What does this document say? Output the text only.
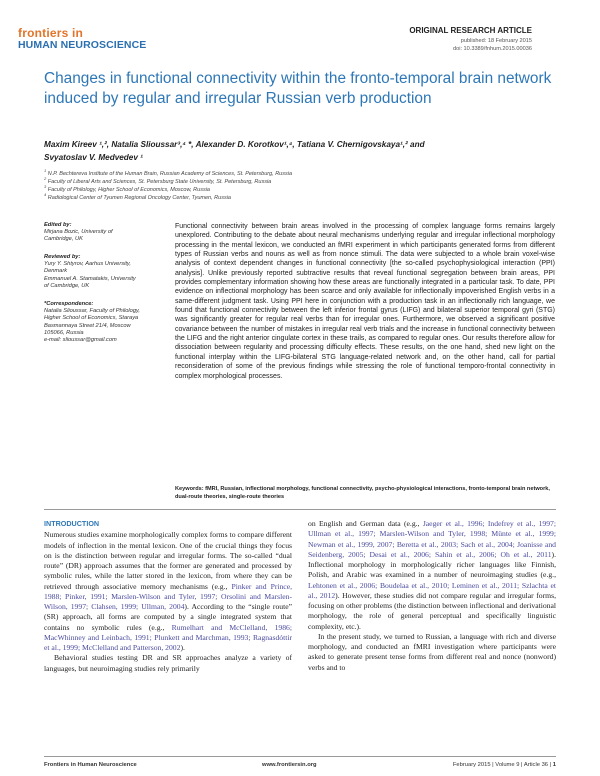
frontiers in
HUMAN NEUROSCIENCE
ORIGINAL RESEARCH ARTICLE
published: 18 February 2015
doi: 10.3389/fnhum.2015.00036
Changes in functional connectivity within the fronto-temporal brain network induced by regular and irregular Russian verb production
Maxim Kireev ¹,², Natalia Slioussar³,⁴ *, Alexander D. Korotkov¹,⁴, Tatiana V. Chernigovskaya¹,² and
Svyatoslav V. Medvedev ¹
$^1$ N.P. Bechtereva Institute of the Human Brain, Russian Academy of Sciences, St. Petersburg, Russia
$^2$ Faculty of Liberal Arts and Sciences, St. Petersburg State University, St. Petersburg, Russia
$^3$ Faculty of Philology, Higher School of Economics, Moscow, Russia
$^4$ Radiological Center of Tyumen Regional Oncology Center, Tyumen, Russia
Edited by:
Mirjana Bozic, University of
Cambridge, UK
Reviewed by:
Yury Y. Shtyrov, Aarhus University,
Denmark
Emmanuel A. Stamatakis, University
of Cambridge, UK
*Correspondence:
Natalia Slioussar, Faculty of Philology,
Higher School of Economics, Staraya
Basmannaya Street 21/4, Moscow
105066, Russia
e-mail: slioussar@gmail.com
Functional connectivity between brain areas involved in the processing of complex language forms remains largely unexplored. Contributing to the debate about neural mechanisms underlying regular and irregular inflectional morphology processing in the mental lexicon, we conducted an fMRI experiment in which participants generated forms from different types of Russian verbs and nouns as well as from nonce stimuli. The data were subjected to a whole brain voxel-wise analysis of context dependent changes in functional connectivity [the so-called psychophysiological interaction (PPI) analysis]. Unlike previously reported subtractive results that reveal functional segregation between brain areas, PPI provides complementary information showing how these areas are functionally integrated in a particular task. To date, PPI evidence on inflectional morphology has been scarce and only available for inflectionally impoverished English verbs in a same-different judgment task. Using PPI here in conjunction with a production task in an inflectionally rich language, we found that functional connectivity between the left inferior frontal gyrus (LIFG) and bilateral superior temporal gyri (STG) was significantly greater for regular real verbs than for irregular ones. Furthermore, we observed a significant positive covariance between the number of mistakes in irregular real verb trials and the increase in functional connectivity between the LIFG and the right anterior cingulate cortex in these trails, as compared to regular ones. Our results therefore allow for dissociation between regularity and processing difficulty effects. These results, on the one hand, shed new light on the functional interplay within the LIFG-bilateral STG language-related network and, on the other hand, call for partial reconsideration of some of the previous findings while stressing the role of functional temporo-frontal connectivity in complex morphological processes.
Keywords: fMRI, Russian, inflectional morphology, functional connectivity, psycho-physiological interactions, fronto-temporal brain network, dual-route theories, single-route theories
INTRODUCTION

Numerous studies examine morphologically complex forms to compare different models of inflection in the mental lexicon. One of the crucial things they focus on is the distinction between regular and irregular forms. The so-called “dual route” (DR) approach assumes that the former are generated and processed by symbolic rules, while the latter stored in the lexicon, from where they can be retrieved through associative memory mechanisms (e.g., Pinker and Prince, 1988; Pinker, 1991; Marslen-Wilson and Tyler, 1997; Orsolini and Marslen-Wilson, 1997; Clahsen, 1999; Ullman, 2004). According to the “single route” (SR) approach, all forms are computed by a single integrated system that contains no symbolic rules (e.g., Rumelhart and McClelland, 1986; MacWhinney and Leinbach, 1991; Plunkett and Marchman, 1993; Ragnasdóttir et al., 1999; McClelland and Patterson, 2002).

Behavioral studies testing DR and SR approaches analyze a variety of languages, but neuroimaging studies rely primarily

on English and German data (e.g., Jaeger et al., 1996; Indefrey et al., 1997; Ullman et al., 1997; Marslen-Wilson and Tyler, 1998; Münte et al., 1999; Newman et al., 1999, 2007; Beretta et al., 2003; Sach et al., 2004; Joanisse and Seidenberg, 2005; Desai et al., 2006; Sahin et al., 2006; Oh et al., 2011). Inflectional morphology in morphologically richer languages like Finnish, Polish, and Arabic was examined in a number of neuroimaging studies (e.g., Lehtonen et al., 2006; Boudelaa et al., 2010; Leminen et al., 2011; Szlachta et al., 2012). However, these studies did not compare regular and irregular forms, focusing on other problems (the distinction between inflectional and derivational morphology, the role of general perceptual and specifically linguistic complexity, etc.).

In the present study, we turned to Russian, a language with rich and diverse morphology, and conducted an fMRI investigation where participants were asked to generate present tense forms from different real and nonce (nonword) verbs and to

Frontiers in Human Neuroscience	www.frontiersin.org	February 2015 | Volume 9 | Article 36 | 1
